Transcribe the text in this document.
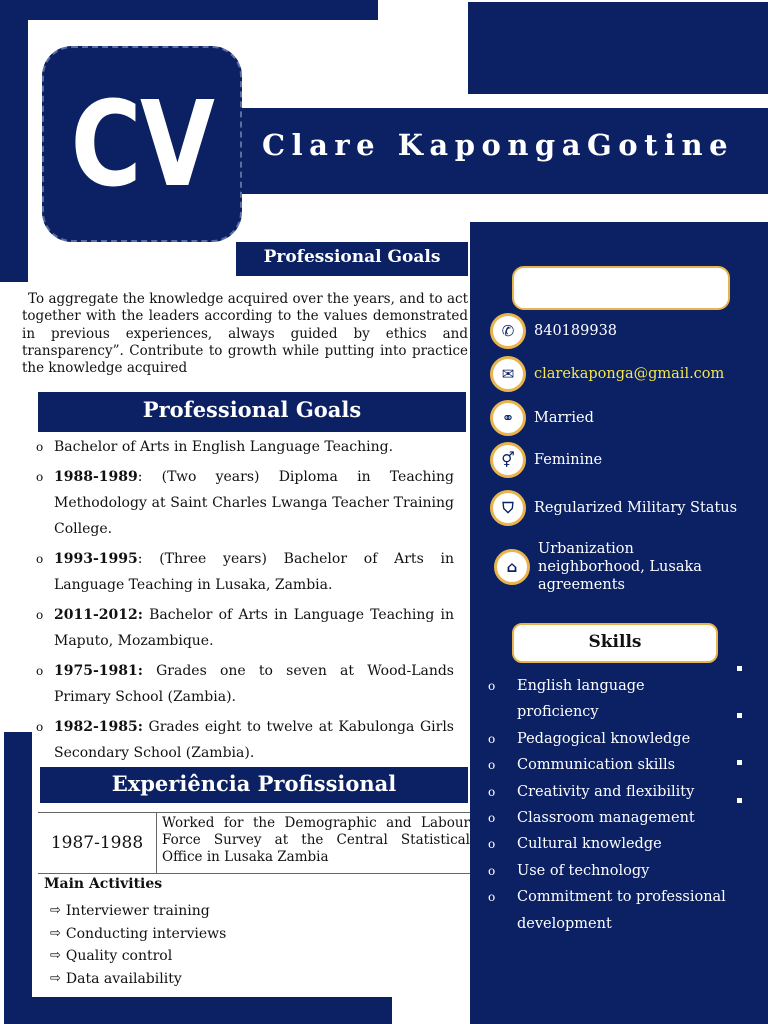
CV	Clare KapongaGotine
Professional Goals

To aggregate the knowledge acquired over the years, and to act together with the leaders according to the values demonstrated in previous experiences, always guided by ethics and transparency”. Contribute to growth while putting into practice the knowledge acquired

Professional Goals
o Bachelor of Arts in English Language Teaching.
o 1988-1989: (Two years) Diploma in Teaching Methodology at Saint Charles Lwanga Teacher Training College.
o 1993-1995: (Three years) Bachelor of Arts in Language Teaching in Lusaka, Zambia.
o 2011-2012: Bachelor of Arts in Language Teaching in Maputo, Mozambique.
o 1975-1981: Grades one to seven at Wood-Lands Primary School (Zambia).
o 1982-1985: Grades eight to twelve at Kabulonga Girls Secondary School (Zambia).
Experiência Profissional
1987-1988
Worked for the Demographic and Labour Force Survey at the Central Statistical Office in Lusaka Zambia
Main Activities
⇨ Interviewer training
⇨ Conducting interviews
⇨ Quality control
⇨ Data availability
✆	840189938
✉	clarekaponga@gmail.com
⚭	Married
⚥	Feminine
⛉	Regularized Military Status
⌂
Urbanization neighborhood, Lusaka agreements
Skills
o English language proficiency
o Pedagogical knowledge
o Communication skills
o Creativity and flexibility
o Classroom management
o Cultural knowledge
o Use of technology
o Commitment to professional development
